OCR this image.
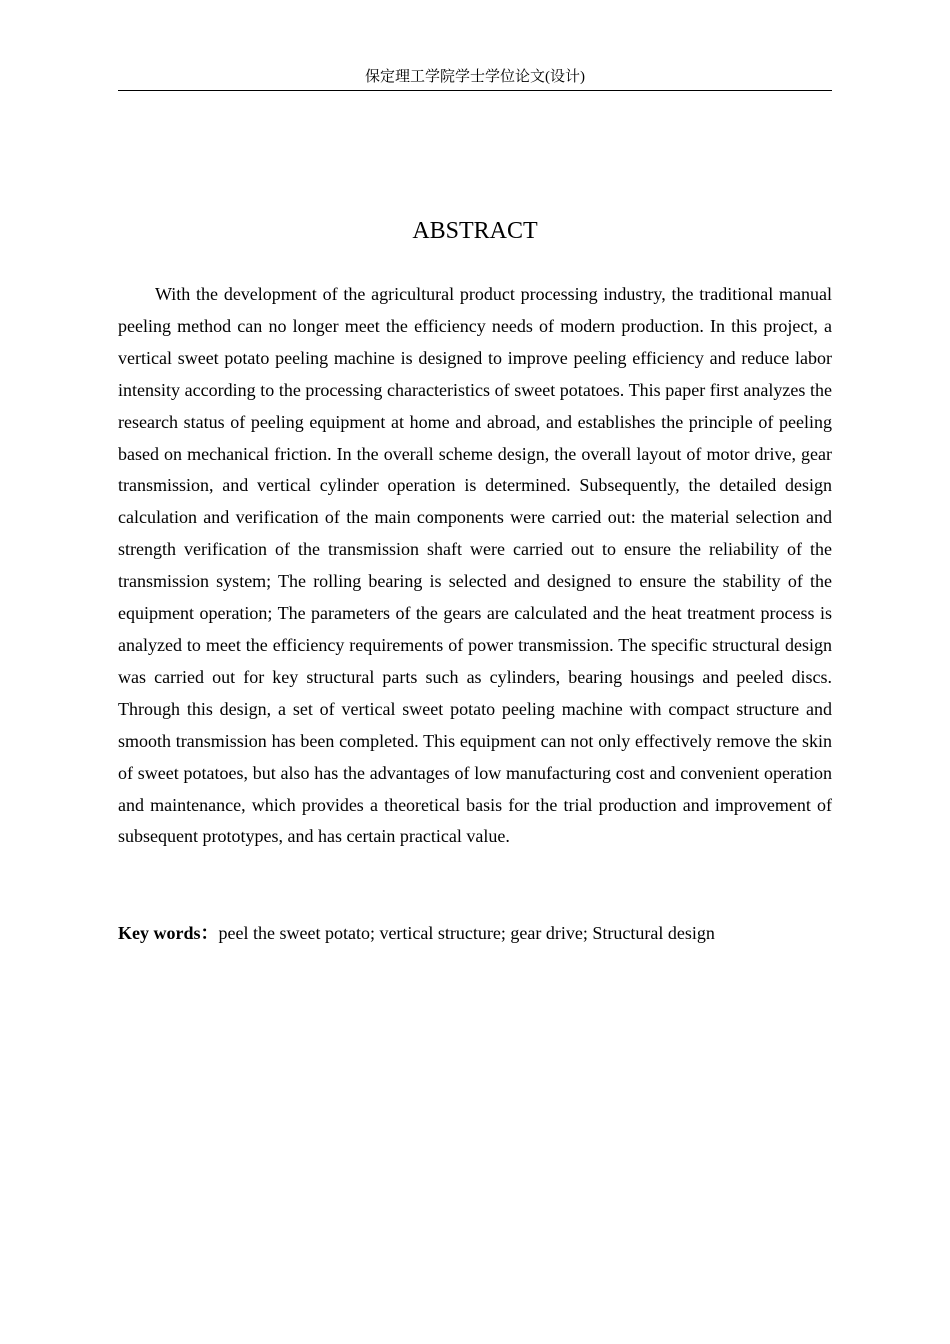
保定理工学院学士学位论文(设计)
ABSTRACT

With the development of the agricultural product processing industry, the traditional manual peeling method can no longer meet the efficiency needs of modern production. In this project, a vertical sweet potato peeling machine is designed to improve peeling efficiency and reduce labor intensity according to the processing characteristics of sweet potatoes. This paper first analyzes the research status of peeling equipment at home and abroad, and establishes the principle of peeling based on mechanical friction. In the overall scheme design, the overall layout of motor drive, gear transmission, and vertical cylinder operation is determined. Subsequently, the detailed design calculation and verification of the main components were carried out: the material selection and strength verification of the transmission shaft were carried out to ensure the reliability of the transmission system; The rolling bearing is selected and designed to ensure the stability of the equipment operation; The parameters of the gears are calculated and the heat treatment process is analyzed to meet the efficiency requirements of power transmission. The specific structural design was carried out for key structural parts such as cylinders, bearing housings and peeled discs. Through this design, a set of vertical sweet potato peeling machine with compact structure and smooth transmission has been completed. This equipment can not only effectively remove the skin of sweet potatoes, but also has the advantages of low manufacturing cost and convenient operation and maintenance, which provides a theoretical basis for the trial production and improvement of subsequent prototypes, and has certain practical value.

Key words：peel the sweet potato; vertical structure; gear drive; Structural design
